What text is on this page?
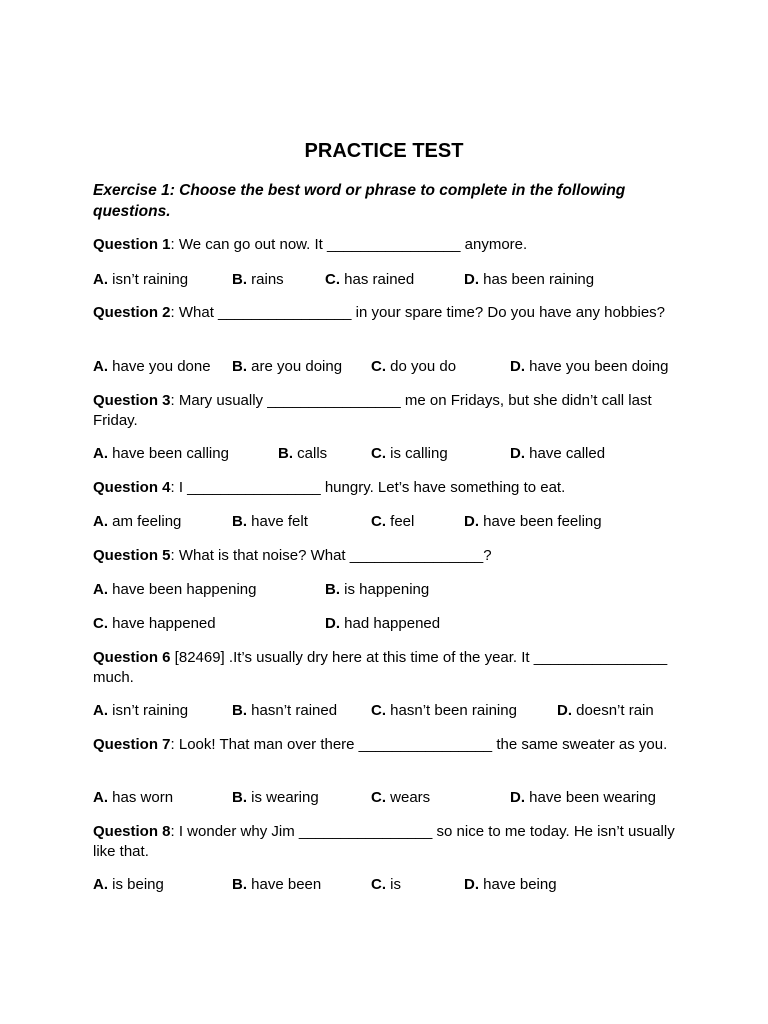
PRACTICE TEST
Exercise 1: Choose the best word or phrase to complete in the following questions.
Question 1: We can go out now. It ________________ anymore.
A. isn’t raining	B. rains	C. has rained	D. has been raining
Question 2: What ________________ in your spare time? Do you have any hobbies?
A. have you done B. are you doing C. do you do	D. have you been doing
Question 3: Mary usually ________________ me on Fridays, but she didn’t call last Friday.
A. have been calling	B. calls	C. is calling	D. have called
Question 4: I ________________ hungry. Let’s have something to eat.
A. am feeling	B. have felt	C. feel	D. have been feeling
Question 5: What is that noise? What ________________?
A. have been happening	B. is happening
C. have happened	D. had happened
Question 6 [82469] .It’s usually dry here at this time of the year. It ________________ much.
A. isn’t raining	B. hasn’t rained C. hasn’t been raining	D. doesn’t rain
Question 7: Look! That man over there ________________ the same sweater as you.
A. has worn	B. is wearing	C. wears	D. have been wearing
Question 8: I wonder why Jim ________________ so nice to me today. He isn’t usually like that.
A. is being	B. have been	C. is	D. have being
